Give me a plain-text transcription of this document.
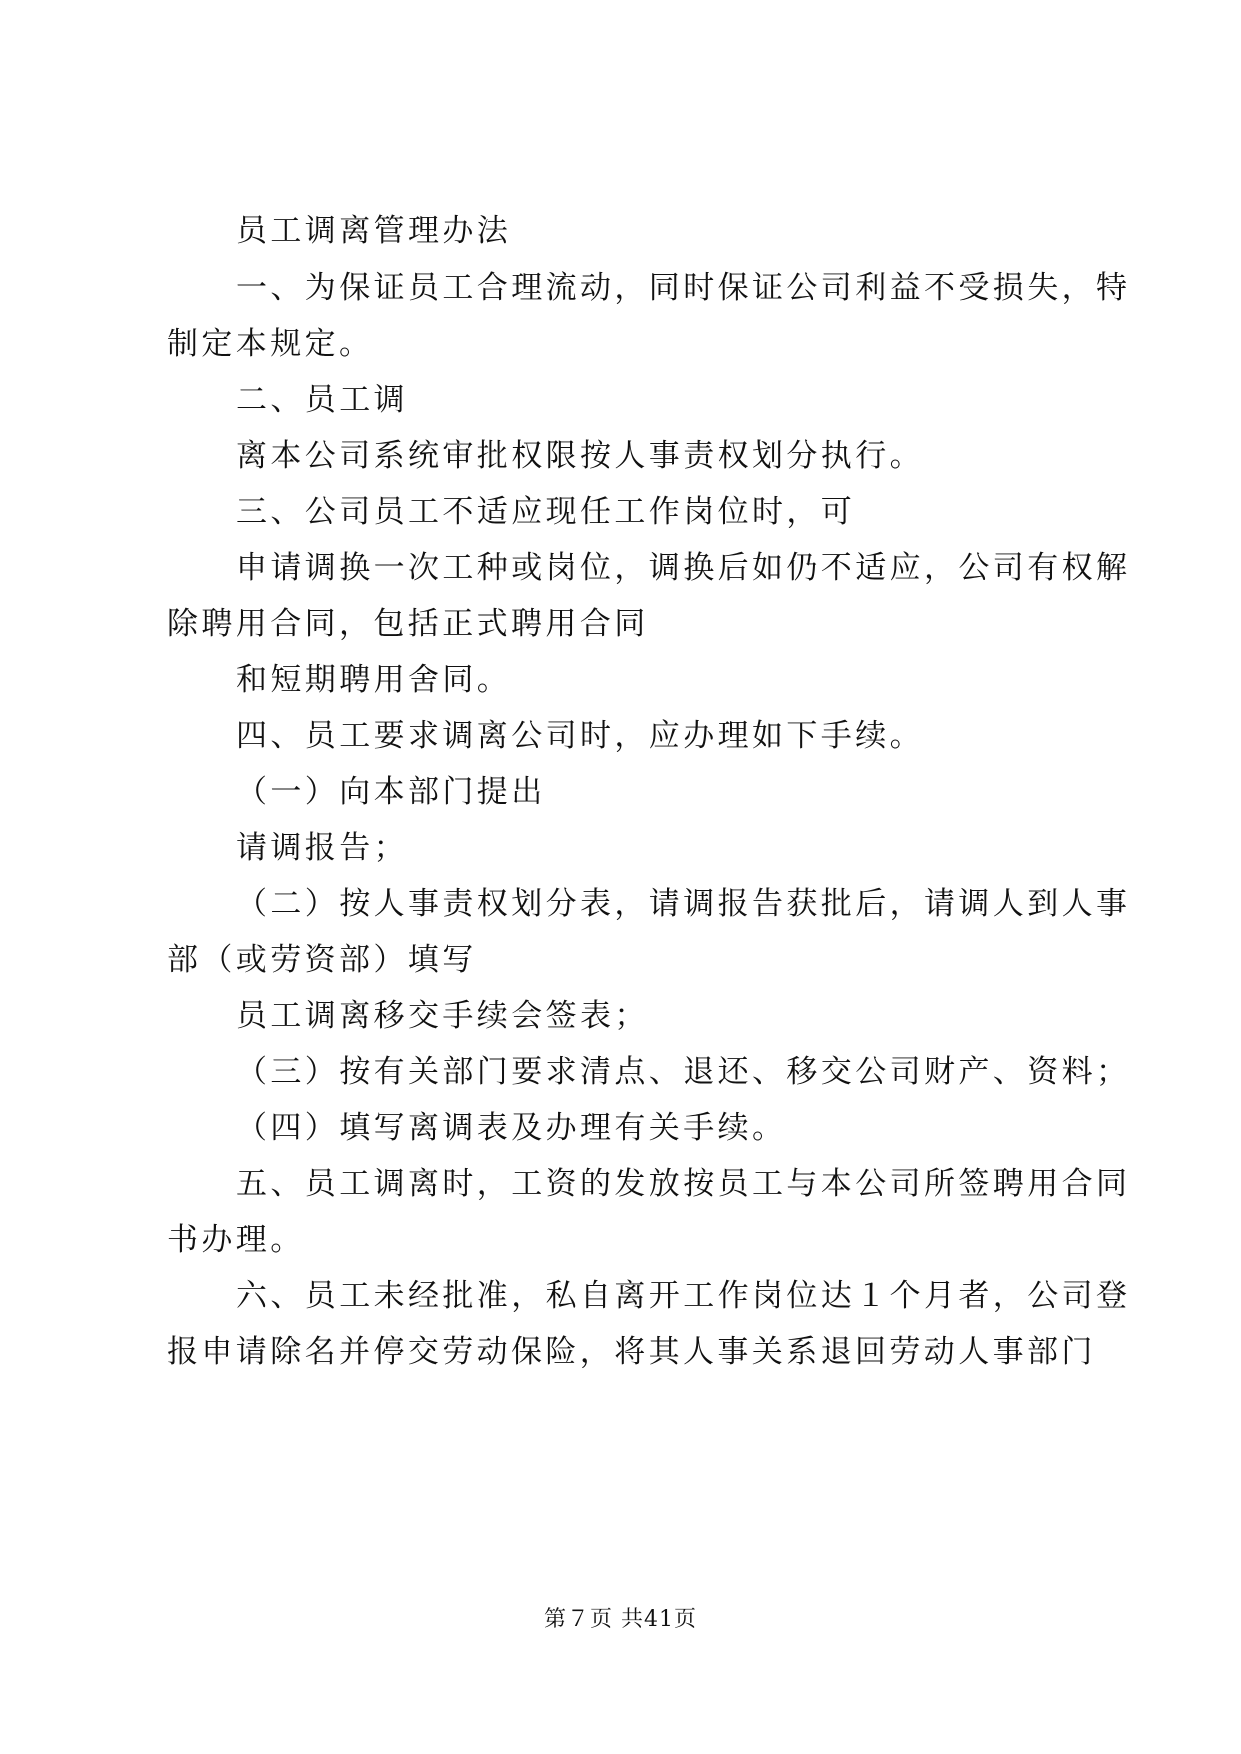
员工调离管理办法
一、为保证员工合理流动，同时保证公司利益不受损失，特
制定本规定。
二、员工调
离本公司系统审批权限按人事责权划分执行。
三、公司员工不适应现任工作岗位时，可
申请调换一次工种或岗位，调换后如仍不适应，公司有权解
除聘用合同，包括正式聘用合同
和短期聘用舍同。
四、员工要求调离公司时，应办理如下手续。
（一）向本部门提出
请调报告；
（二）按人事责权划分表，请调报告获批后，请调人到人事
部（或劳资部）填写
员工调离移交手续会签表；
（三）按有关部门要求清点、退还、移交公司财产、资料；
（四）填写离调表及办理有关手续。
五、员工调离时，工资的发放按员工与本公司所签聘用合同
书办理。
六、员工未经批准，私自离开工作岗位达１个月者，公司登
报申请除名并停交劳动保险，将其人事关系退回劳动人事部门
第７页 共41页
